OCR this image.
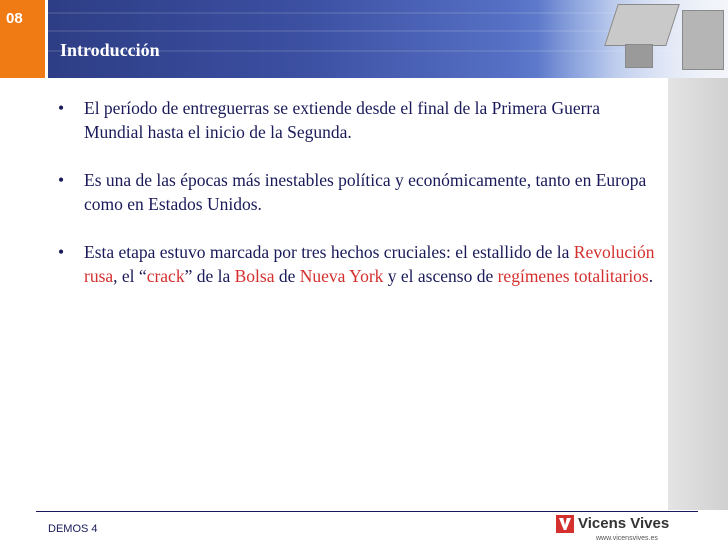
08
Introducción
• El período de entreguerras se extiende desde el final de la Primera Guerra Mundial hasta el inicio de la Segunda.
• Es una de las épocas más inestables política y económicamente, tanto en Europa como en Estados Unidos.
• Esta etapa estuvo marcada por tres hechos cruciales: el estallido de la Revolución rusa, el “crack” de la Bolsa de Nueva York y el ascenso de regímenes totalitarios.
DEMOS 4	Vicens Vives
www.vicensvives.es
